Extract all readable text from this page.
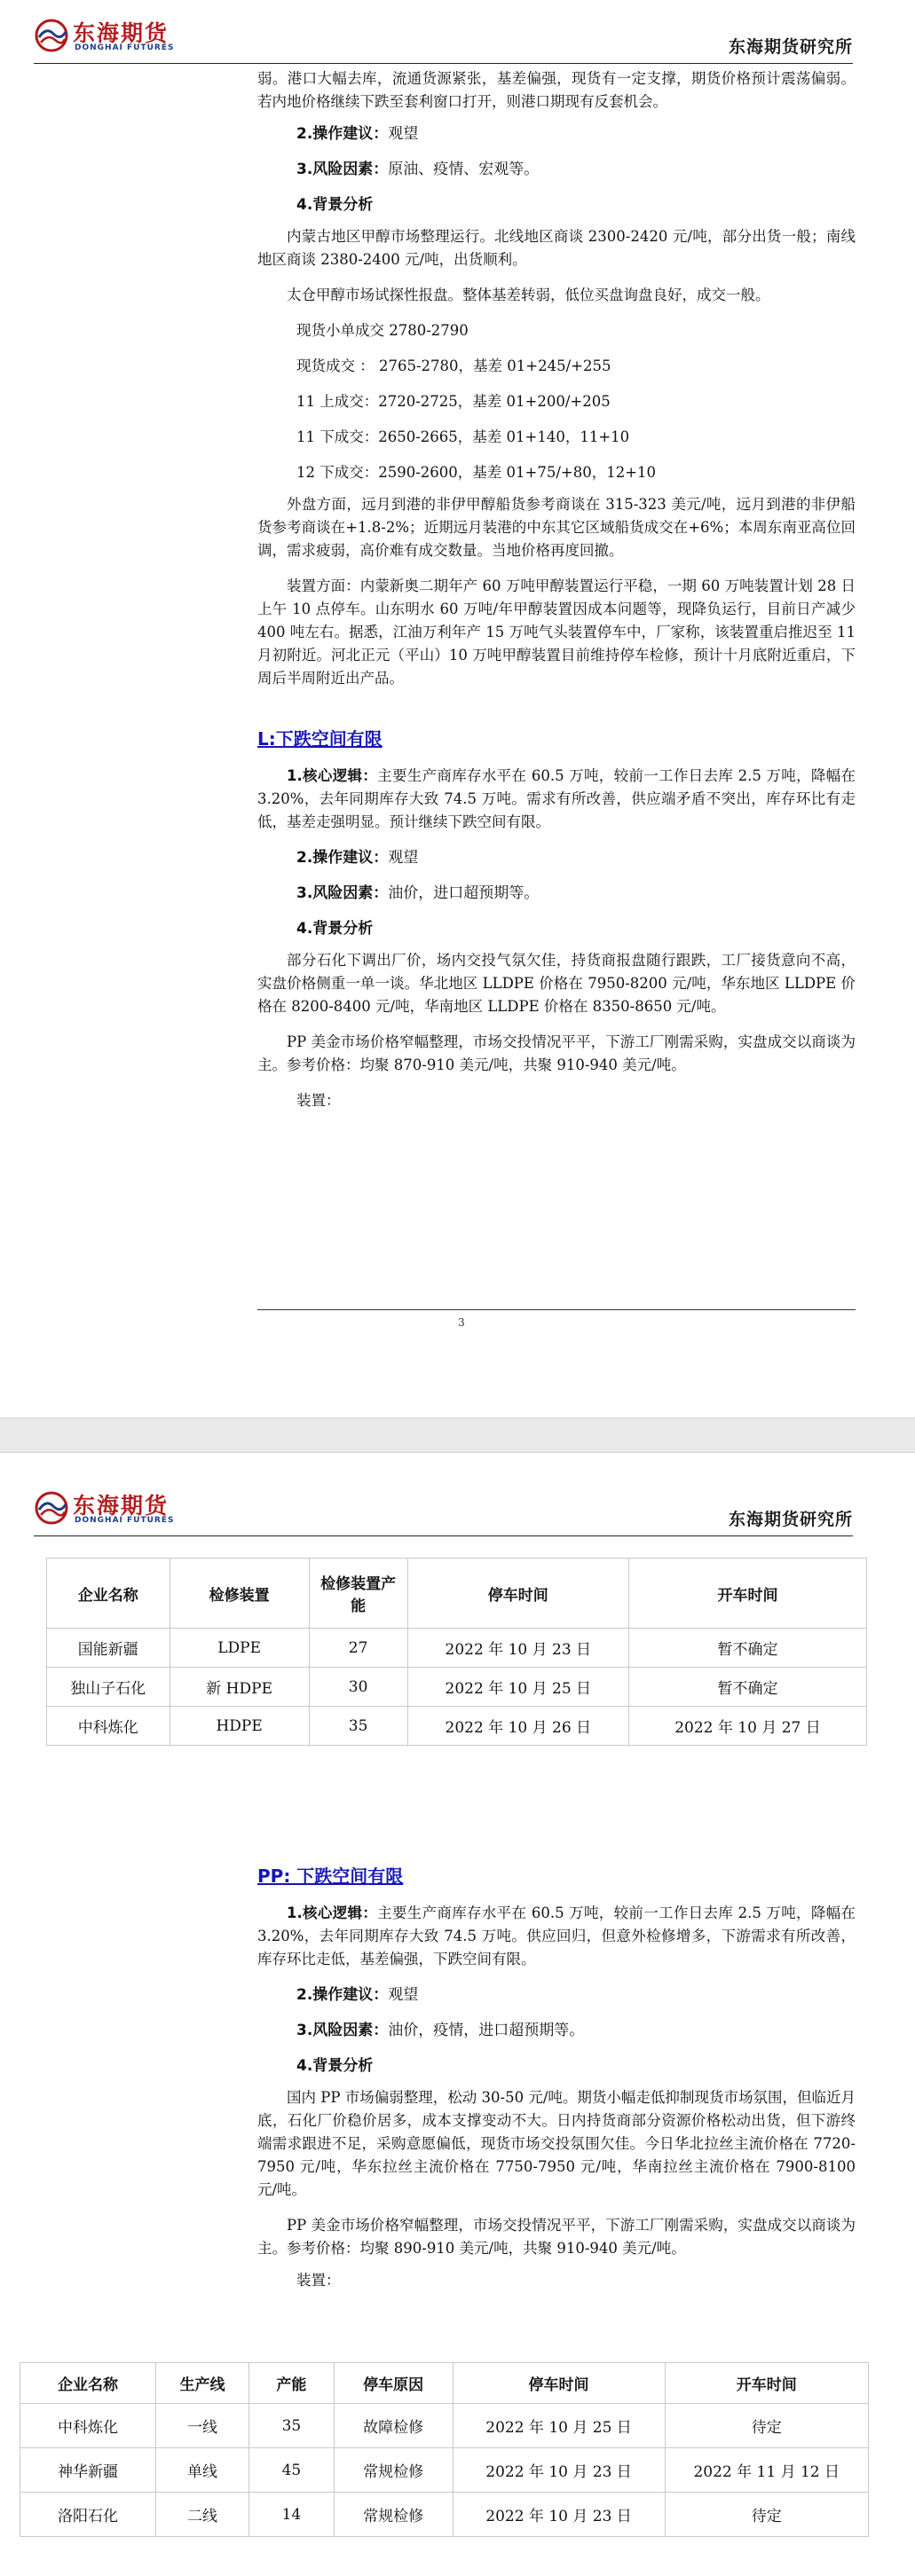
东海期货
DONGHAI FUTURES	东海期货研究所
弱。港口大幅去库，流通货源紧张，基差偏强，现货有一定支撑，期货价格预计震荡偏弱。若内地价格继续下跌至套利窗口打开，则港口期现有反套机会。
2.操作建议：观望
3.风险因素：原油、疫情、宏观等。
4.背景分析
内蒙古地区甲醇市场整理运行。北线地区商谈 2300-2420 元/吨，部分出货一般；南线地区商谈 2380-2400 元/吨，出货顺利。
太仓甲醇市场试探性报盘。整体基差转弱，低位买盘询盘良好，成交一般。
现货小单成交 2780-2790
现货成交 ： 2765-2780，基差 01+245/+255
11 上成交：2720-2725，基差 01+200/+205
11 下成交：2650-2665，基差 01+140，11+10
12 下成交：2590-2600，基差 01+75/+80，12+10
外盘方面，远月到港的非伊甲醇船货参考商谈在 315-323 美元/吨，远月到港的非伊船货参考商谈在+1.8-2%；近期远月装港的中东其它区域船货成交在+6%；本周东南亚高位回调，需求疲弱，高价难有成交数量。当地价格再度回撤。
装置方面：内蒙新奥二期年产 60 万吨甲醇装置运行平稳，一期 60 万吨装置计划 28 日上午 10 点停车。山东明水 60 万吨/年甲醇装置因成本问题等，现降负运行，目前日产减少 400 吨左右。据悉，江油万利年产 15 万吨气头装置停车中，厂家称，该装置重启推迟至 11 月初附近。河北正元（平山）10 万吨甲醇装置目前维持停车检修，预计十月底附近重启，下周后半周附近出产品。
L:下跌空间有限
1.核心逻辑：主要生产商库存水平在 60.5 万吨，较前一工作日去库 2.5 万吨，降幅在 3.20%，去年同期库存大致 74.5 万吨。需求有所改善，供应端矛盾不突出，库存环比有走低，基差走强明显。预计继续下跌空间有限。
2.操作建议：观望
3.风险因素：油价，进口超预期等。
4.背景分析
部分石化下调出厂价，场内交投气氛欠佳，持货商报盘随行跟跌，工厂接货意向不高，实盘价格侧重一单一谈。华北地区 LLDPE 价格在 7950-8200 元/吨，华东地区 LLDPE 价格在 8200-8400 元/吨，华南地区 LLDPE 价格在 8350-8650 元/吨。
PP 美金市场价格窄幅整理，市场交投情况平平，下游工厂刚需采购，实盘成交以商谈为主。参考价格：均聚 870-910 美元/吨，共聚 910-940 美元/吨。
装置：
3
东海期货
DONGHAI FUTURES	东海期货研究所
企业名称	检修装置	检修装置产能	停车时间	开车时间
国能新疆	LDPE	27	2022 年 10 月 23 日	暂不确定
独山子石化	新 HDPE	30	2022 年 10 月 25 日	暂不确定
中科炼化	HDPE	35	2022 年 10 月 26 日	2022 年 10 月 27 日
PP: 下跌空间有限
1.核心逻辑：主要生产商库存水平在 60.5 万吨，较前一工作日去库 2.5 万吨，降幅在 3.20%，去年同期库存大致 74.5 万吨。供应回归，但意外检修增多，下游需求有所改善，库存环比走低，基差偏强，下跌空间有限。
2.操作建议：观望
3.风险因素：油价，疫情，进口超预期等。
4.背景分析
国内 PP 市场偏弱整理，松动 30-50 元/吨。期货小幅走低抑制现货市场氛围，但临近月底，石化厂价稳价居多，成本支撑变动不大。日内持货商部分资源价格松动出货，但下游终端需求跟进不足，采购意愿偏低，现货市场交投氛围欠佳。今日华北拉丝主流价格在 7720-7950 元/吨，华东拉丝主流价格在 7750-7950 元/吨，华南拉丝主流价格在 7900-8100 元/吨。
PP 美金市场价格窄幅整理，市场交投情况平平，下游工厂刚需采购，实盘成交以商谈为主。参考价格：均聚 890-910 美元/吨，共聚 910-940 美元/吨。
装置：
企业名称	生产线	产能	停车原因	停车时间	开车时间
中科炼化	一线	35	故障检修	2022 年 10 月 25 日	待定
神华新疆	单线	45	常规检修	2022 年 10 月 23 日	2022 年 11 月 12 日
洛阳石化	二线	14	常规检修	2022 年 10 月 23 日	待定
